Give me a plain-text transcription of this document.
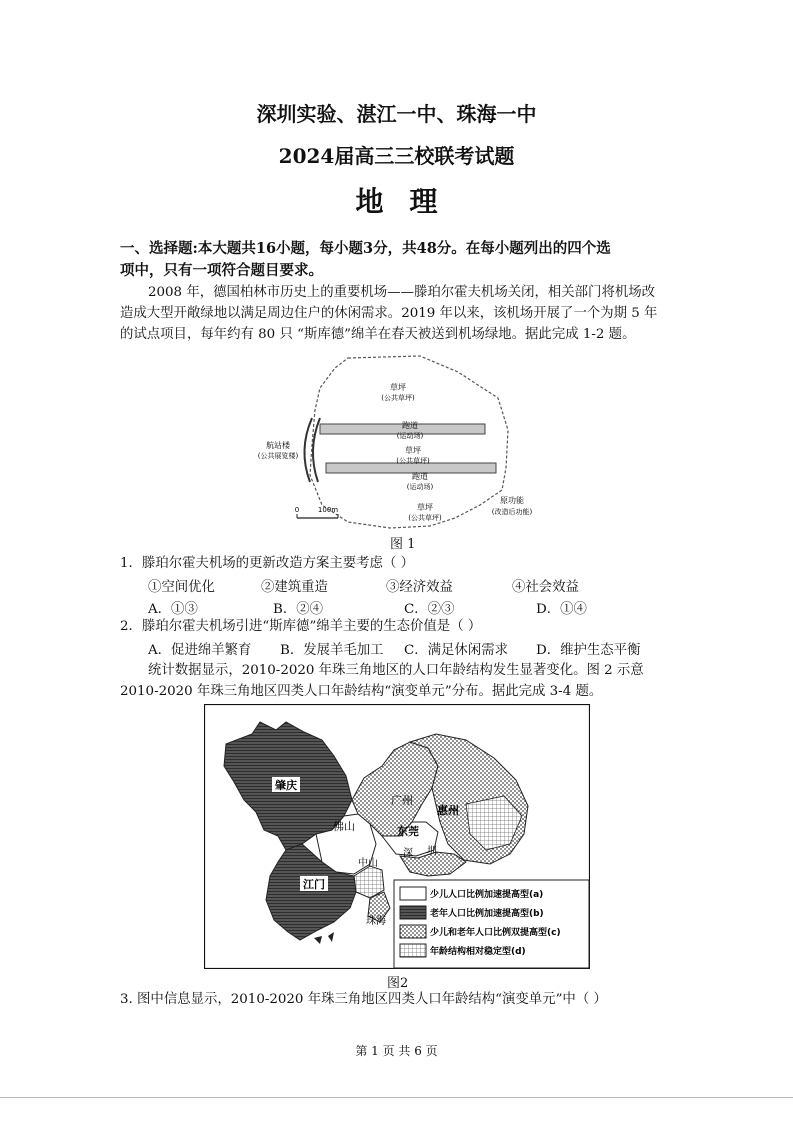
深圳实验、湛江一中、珠海一中
2024届高三三校联考试题
地理
一、选择题:本大题共16小题，每小题3分，共48分。在每小题列出的四个选
项中，只有一项符合题目要求。
2008 年，德国柏林市历史上的重要机场——滕珀尔霍夫机场关闭，相关部门将机场改
造成大型开敞绿地以满足周边住户的休闲需求。2019 年以来，该机场开展了一个为期 5 年
的试点项目，每年约有 80 只 “斯库德”绵羊在春天被送到机场绿地。据此完成 1-2 题。
草坪
(公共草坪)
跑道
(运动场)
草坪
(公共草坪)
跑道
(运动场)
航站楼
(公共展览楼)
草坪
(公共草坪)
原功能
(改造后功能)
0	100m
图 1
1．滕珀尔霍夫机场的更新改造方案主要考虑（ ）
①空间优化	②建筑重造	③经济效益	④社会效益
A．①③	B．②④	C．②③	D．①④
2．滕珀尔霍夫机场引进“斯库德”绵羊主要的生态价值是（ ）
A．促进绵羊繁育 B．发展羊毛加工 C．满足休闲需求 D．维护生态平衡
统计数据显示，2010-2020 年珠三角地区的人口年龄结构发生显著变化。图 2 示意
2010-2020 年珠三角地区四类人口年龄结构“演变单元”分布。据此完成 3-4 题。
肇庆
广州
惠州
佛山	东莞
深 圳
中山
江门
珠海
少儿人口比例加速提高型(a)
老年人口比例加速提高型(b)
少儿和老年人口比例双提高型(c)
年龄结构相对稳定型(d)
图2
3. 图中信息显示，2010-2020 年珠三角地区四类人口年龄结构“演变单元”中（ ）
第 1 页 共 6 页
